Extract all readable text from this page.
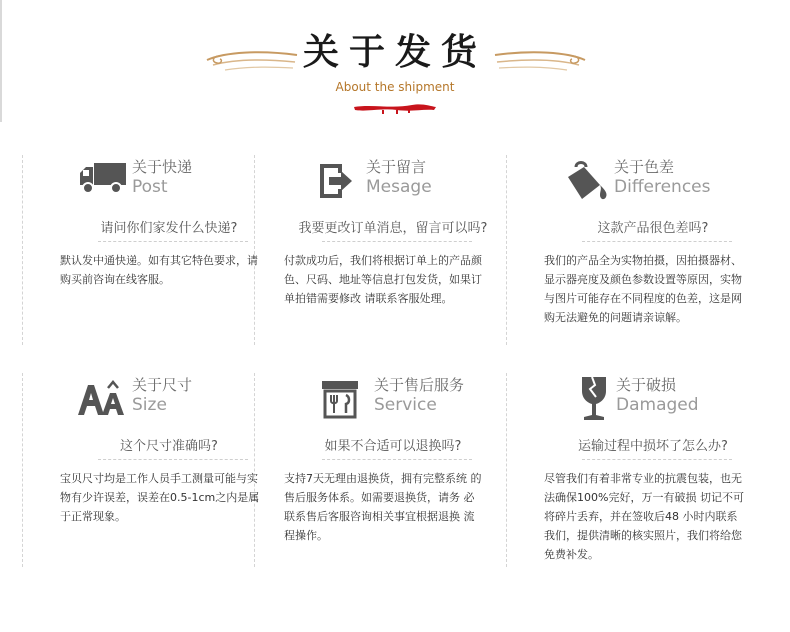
关于发货
About the shipment
关于快递
Post
请问你们家发什么快递?
默认发中通快递。如有其它特色要求，请购买前咨询在线客服。
关于留言
Mesage
我要更改订单消息，留言可以吗?
付款成功后，我们将根据订单上的产品颜色、尺码、地址等信息打包发货，如果订单拍错需要修改 请联系客服处理。
关于色差
Differences
这款产品很色差吗?
我们的产品全为实物拍摄，因拍摄器材、显示器亮度及颜色参数设置等原因，实物与图片可能存在不同程度的色差，这是网购无法避免的问题请亲谅解。
关于尺寸
Size
这个尺寸准确吗?
宝贝尺寸均是工作人员手工测量可能与实物有少许误差，误差在0.5-1cm之内是属于正常现象。
关于售后服务
Service
如果不合适可以退换吗?
支持7天无理由退换货，拥有完整系统 的售后服务体系。如需要退换货，请务 必联系售后客服咨询相关事宜根据退换 流程操作。
关于破损
Damaged
运输过程中损坏了怎么办?
尽管我们有着非常专业的抗震包装，也无法确保100%完好，万一有破损 切记不可将碎片丢弃，并在签收后48 小时内联系我们，提供清晰的核实照片，我们将给您免费补发。
